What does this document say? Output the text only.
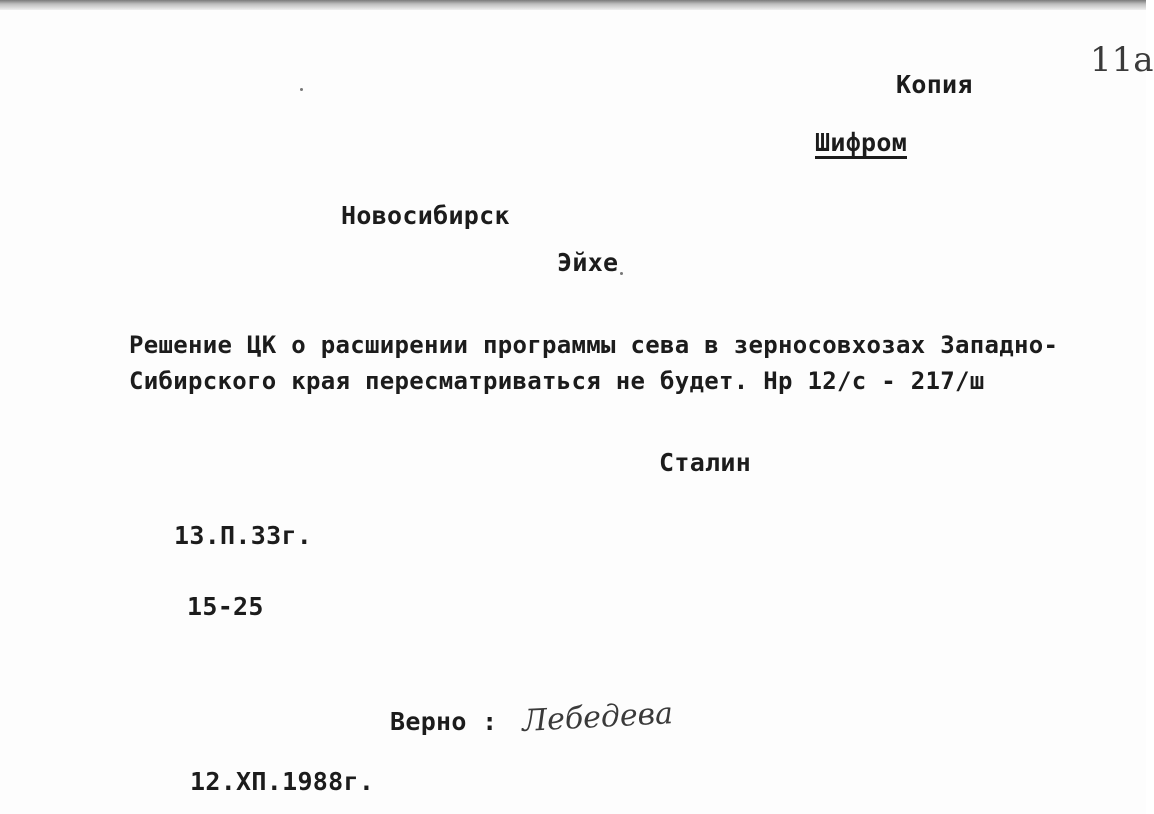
11a
Копия
Шифром
Новосибирск
Эйхе
Решение ЦК о расширении программы сева в зерносовхозах Западно-
Сибирского края пересматриваться не будет. Нр 12/с - 217/ш
Сталин
13.П.33г.
15-25
Верно : Лебедева
12.ХП.1988г.
